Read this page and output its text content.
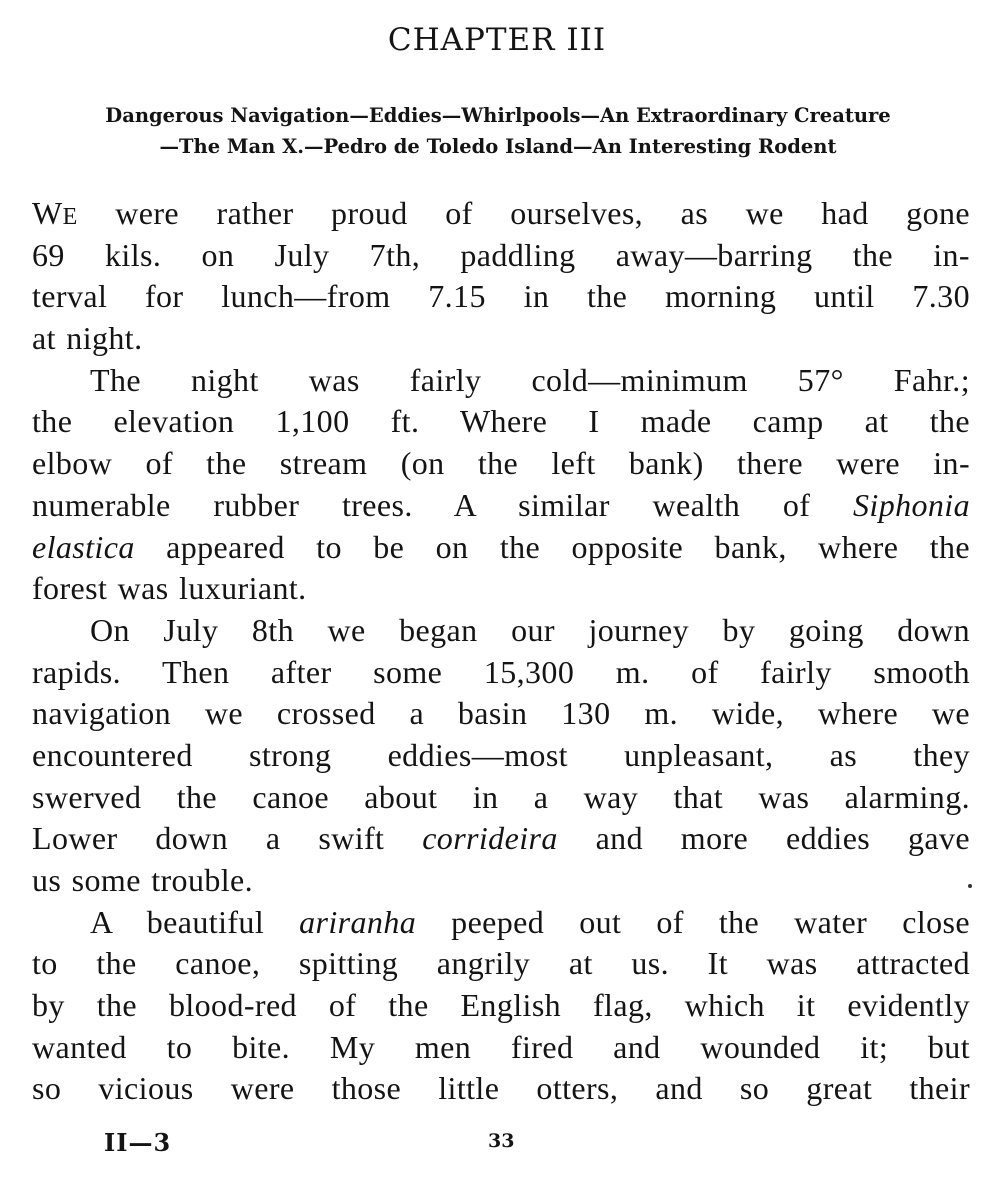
CHAPTER III
Dangerous Navigation—Eddies—Whirlpools—An Extraordinary Creature
—The Man X.—Pedro de Toledo Island—An Interesting Rodent
WE were rather proud of ourselves, as we had gone
69 kils. on July 7th, paddling away—barring the in-
terval for lunch—from 7.15 in the morning until 7.30
at night.
The night was fairly cold—minimum 57° Fahr.;
the elevation 1,100 ft. Where I made camp at the
elbow of the stream (on the left bank) there were in-
numerable rubber trees. A similar wealth of Siphonia
elastica appeared to be on the opposite bank, where the
forest was luxuriant.
On July 8th we began our journey by going down
rapids. Then after some 15,300 m. of fairly smooth
navigation we crossed a basin 130 m. wide, where we
encountered strong eddies—most unpleasant, as they
swerved the canoe about in a way that was alarming.
Lower down a swift corrideira and more eddies gave
us some trouble.
A beautiful ariranha peeped out of the water close
to the canoe, spitting angrily at us. It was attracted
by the blood-red of the English flag, which it evidently
wanted to bite. My men fired and wounded it; but
so vicious were those little otters, and so great their
II—3	33
